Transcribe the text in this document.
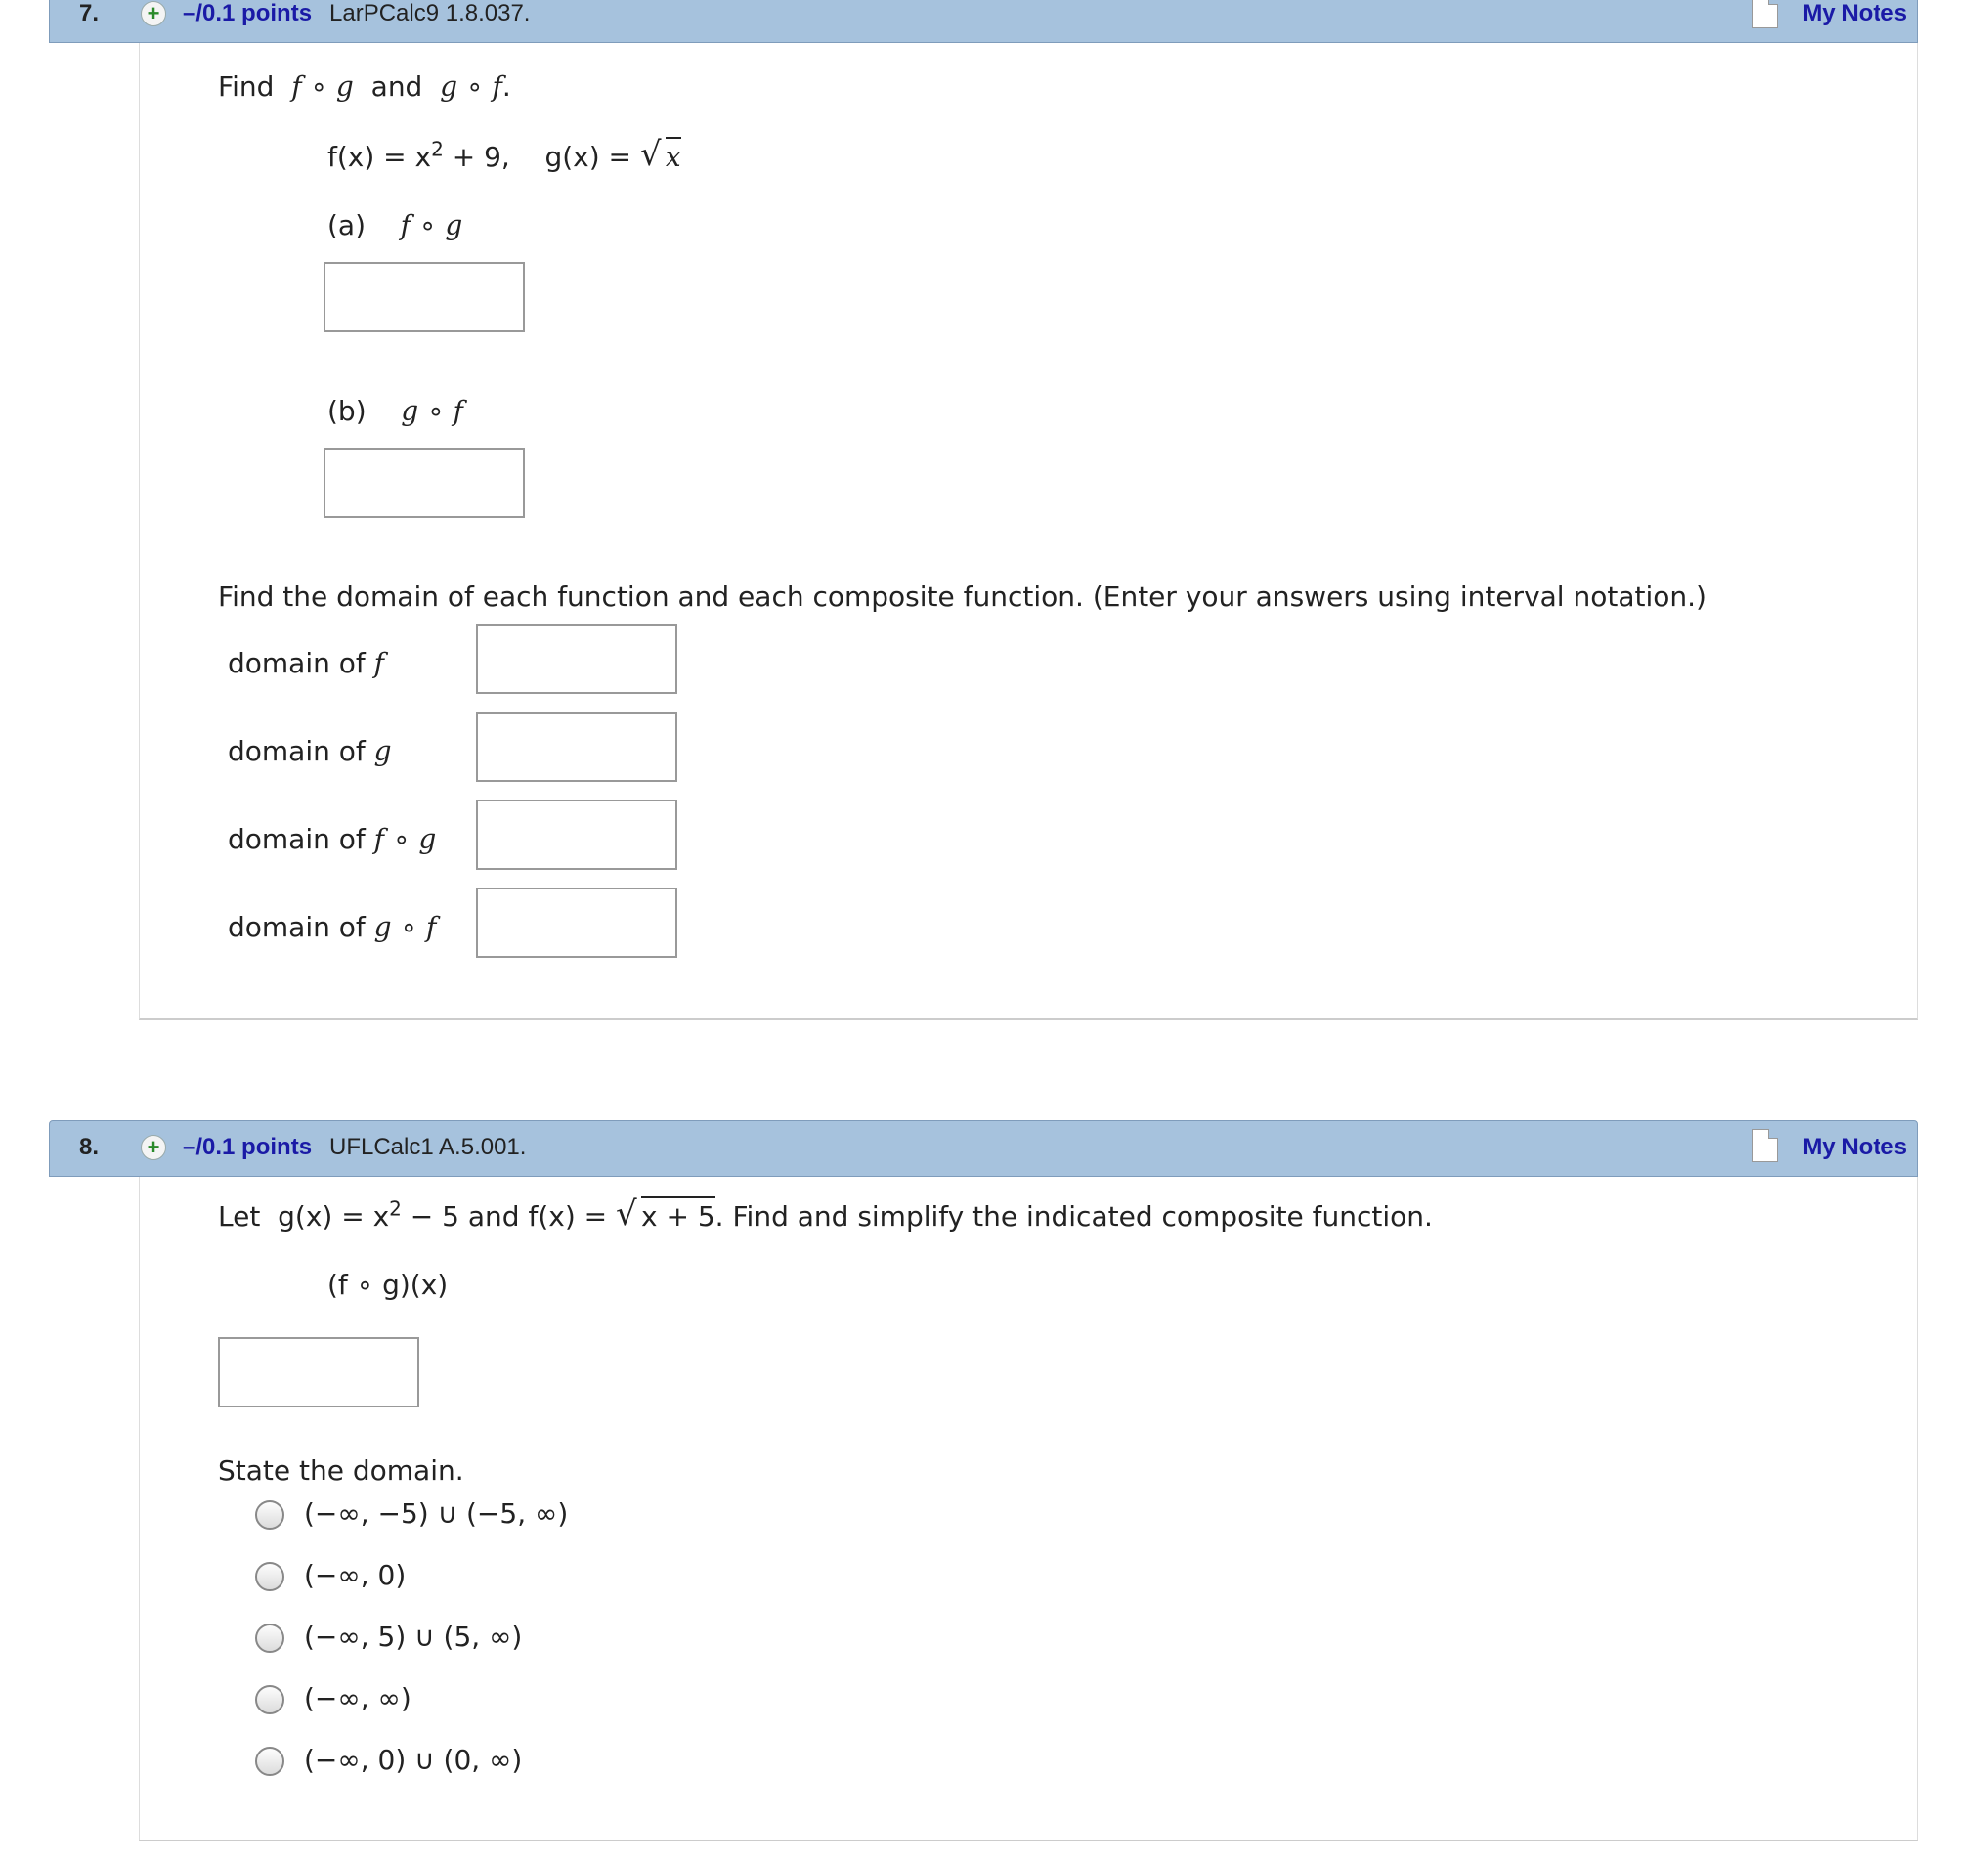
7. + –/0.1 points LarPCalc9 1.8.037.	My Notes
Find f ∘ g and g ∘ f.
$f(x) = x^2 + 9$, g(x) = √ x
(a) f ∘ g
(b) g ∘ f
Find the domain of each function and each composite function. (Enter your answers using interval notation.)
domain of f
domain of g
domain of f ∘ g
domain of g ∘ f
8. + –/0.1 points UFLCalc1 A.5.001.	My Notes
Let $g(x) = x^2 - 5$ and f(x) = √ x + 5. Find and simplify the indicated composite function.
(f ∘ g)(x)
State the domain.
(−∞, −5) ∪ (−5, ∞)
(−∞, 0)
(−∞, 5) ∪ (5, ∞)
(−∞, ∞)
(−∞, 0) ∪ (0, ∞)
